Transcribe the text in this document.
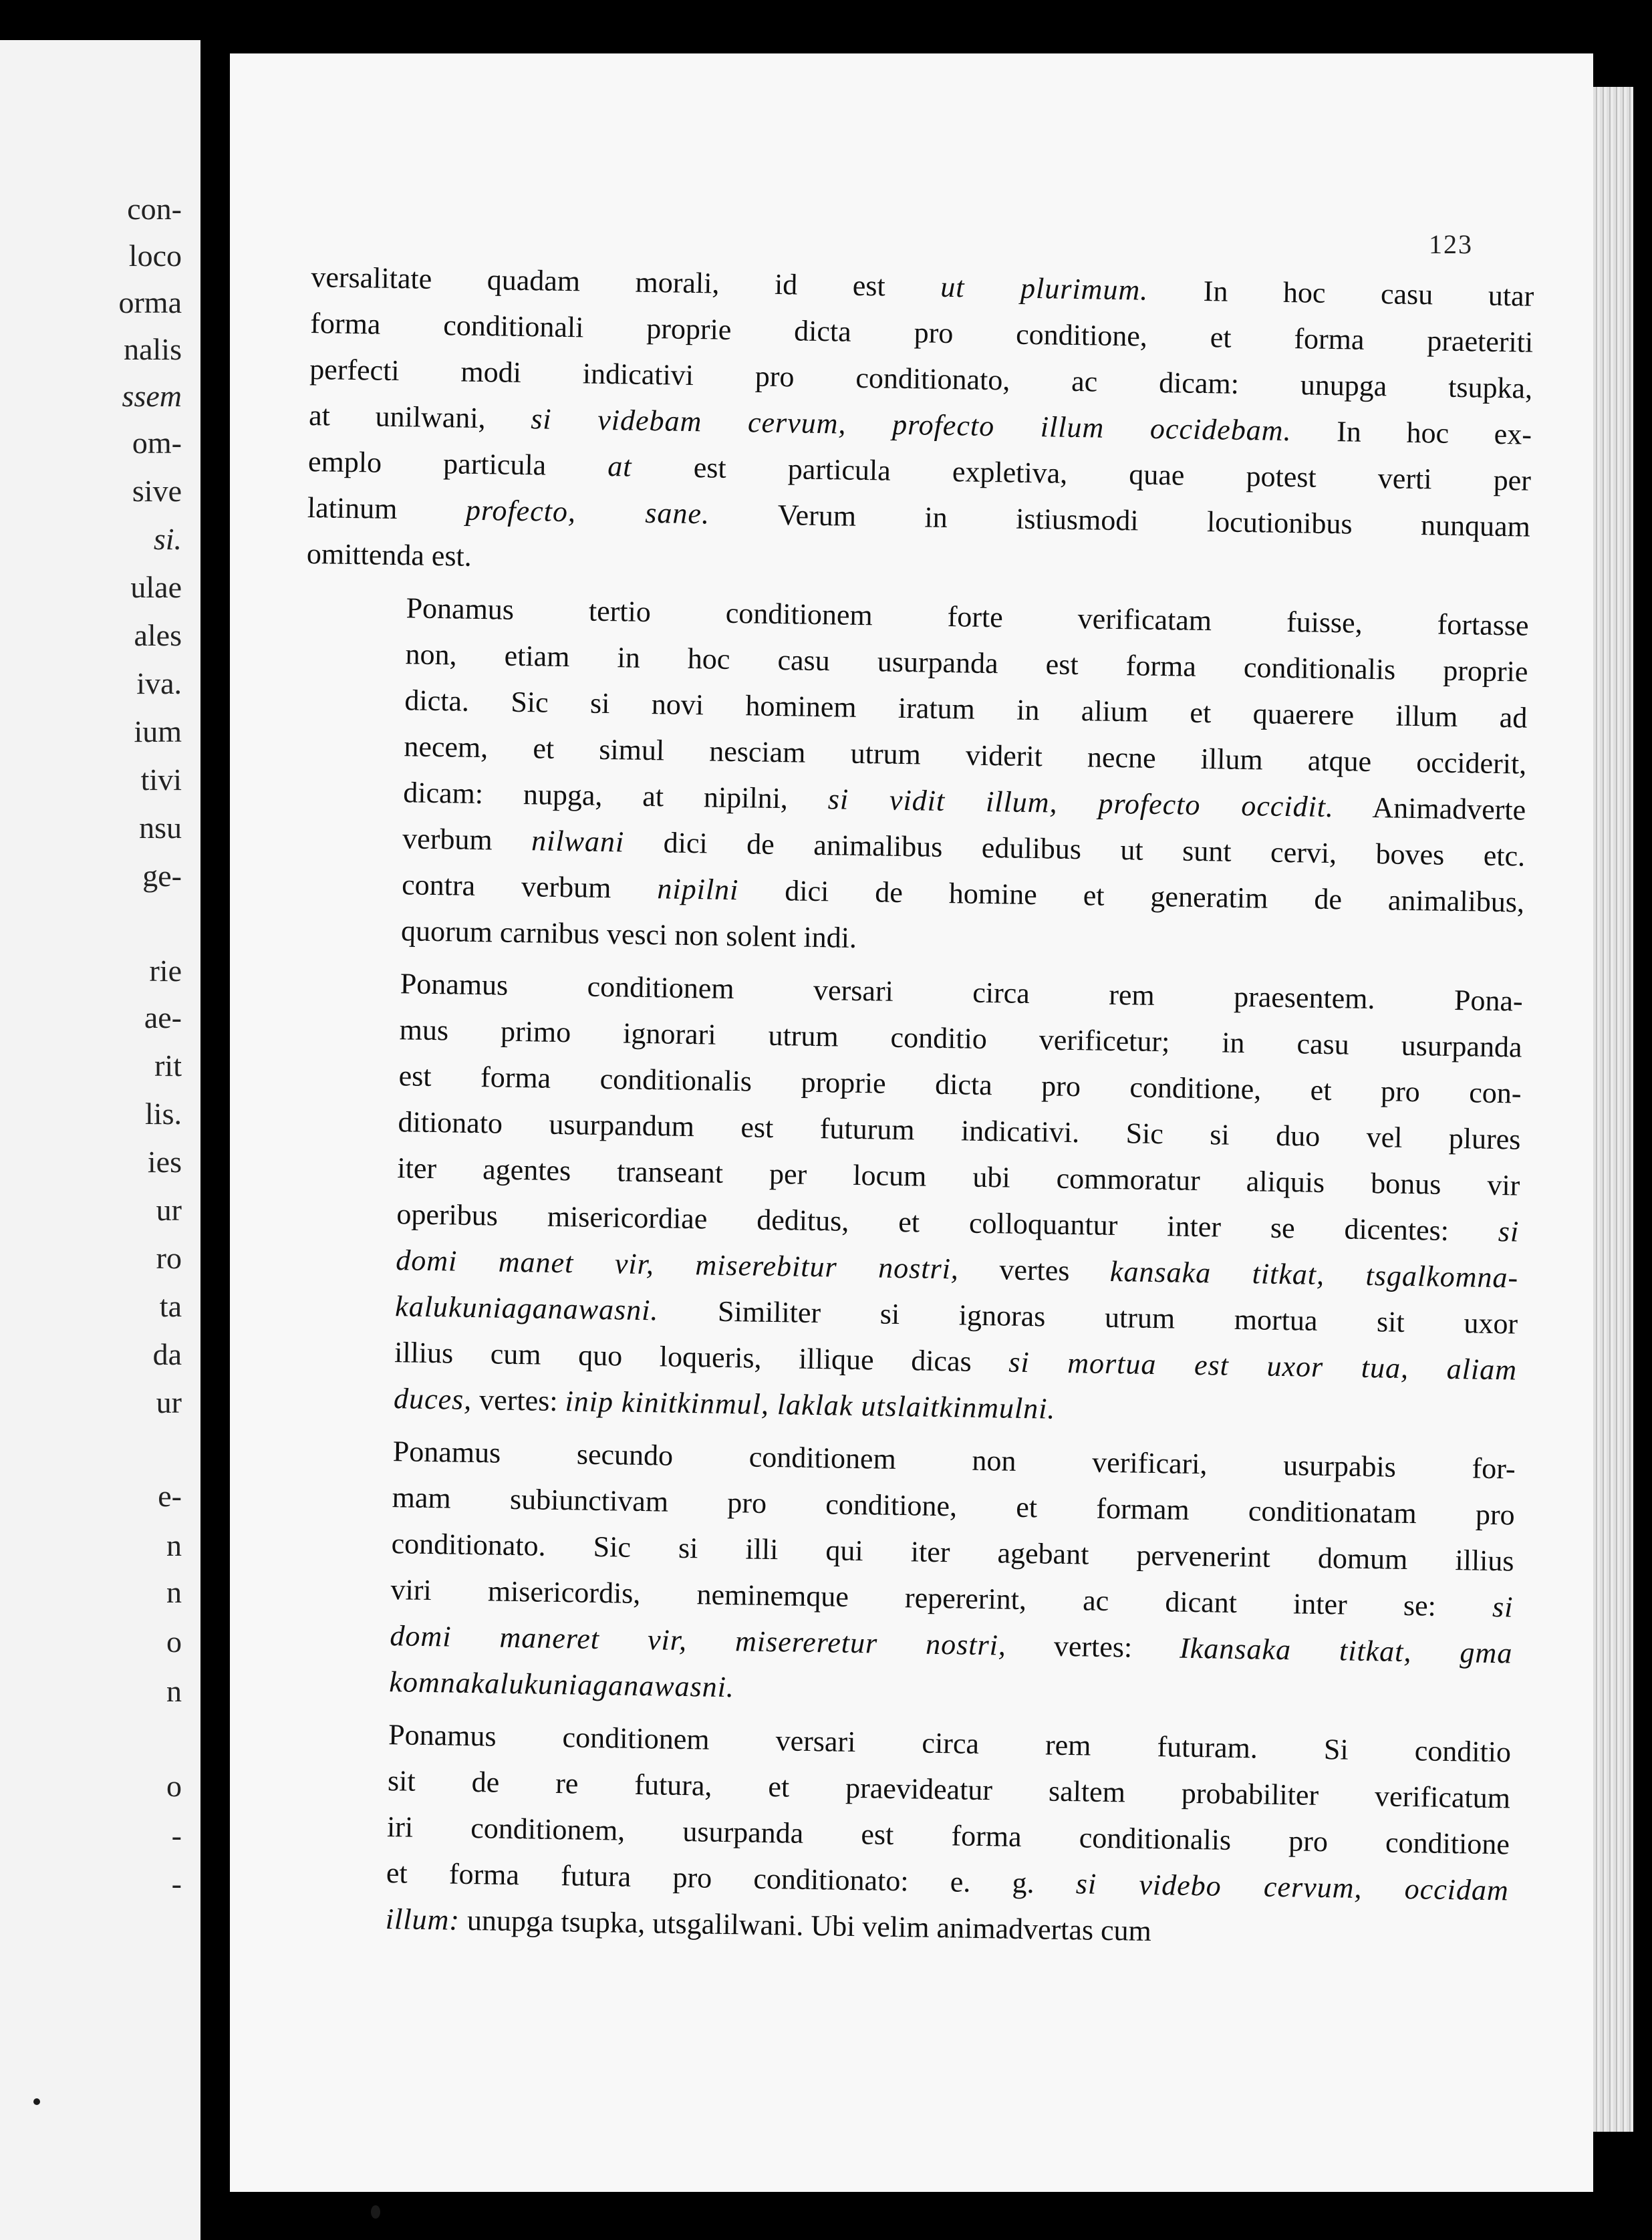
con-
loco
orma
nalis
ssem
om-
sive
si.
ulae
ales
iva.
ium
tivi
nsu
ge-
rie
ae-
rit
lis.
ies
ur
ro
ta
da
ur
e-
n
n
o
n
o
-
-
123
versalitate quadam morali, id est ut plurimum. In hoc casu utar
forma conditionali proprie dicta pro conditione, et forma praeteriti
perfecti modi indicativi pro conditionato, ac dicam: unupga tsupka,
at unilwani, si videbam cervum, profecto illum occidebam. In hoc ex-
emplo particula at est particula expletiva, quae potest verti per
latinum profecto, sane. Verum in istiusmodi locutionibus nunquam
omittenda est.
Ponamus tertio conditionem forte verificatam fuisse, fortasse
non, etiam in hoc casu usurpanda est forma conditionalis proprie
dicta. Sic si novi hominem iratum in alium et quaerere illum ad
necem, et simul nesciam utrum viderit necne illum atque occiderit,
dicam: nupga, at nipilni, si vidit illum, profecto occidit. Animadverte
verbum nilwani dici de animalibus edulibus ut sunt cervi, boves etc.
contra verbum nipilni dici de homine et generatim de animalibus,
quorum carnibus vesci non solent indi.
Ponamus conditionem versari circa rem praesentem. Pona-
mus primo ignorari utrum conditio verificetur; in casu usurpanda
est forma conditionalis proprie dicta pro conditione, et pro con-
ditionato usurpandum est futurum indicativi. Sic si duo vel plures
iter agentes transeant per locum ubi commoratur aliquis bonus vir
operibus misericordiae deditus, et colloquantur inter se dicentes: si
domi manet vir, miserebitur nostri, vertes kansaka titkat, tsgalkomna-
kalukuniaganawasni. Similiter si ignoras utrum mortua sit uxor
illius cum quo loqueris, illique dicas si mortua est uxor tua, aliam
duces, vertes: inip kinitkinmul, laklak utslaitkinmulni.
Ponamus secundo conditionem non verificari, usurpabis for-
mam subiunctivam pro conditione, et formam conditionatam pro
conditionato. Sic si illi qui iter agebant pervenerint domum illius
viri misericordis, neminemque repererint, ac dicant inter se: si
domi maneret vir, misereretur nostri, vertes: Ikansaka titkat, gma
komnakalukuniaganawasni.
Ponamus conditionem versari circa rem futuram. Si conditio
sit de re futura, et praevideatur saltem probabiliter verificatum
iri conditionem, usurpanda est forma conditionalis pro conditione
et forma futura pro conditionato: e. g. si videbo cervum, occidam
illum: unupga tsupka, utsgalilwani. Ubi velim animadvertas cum
